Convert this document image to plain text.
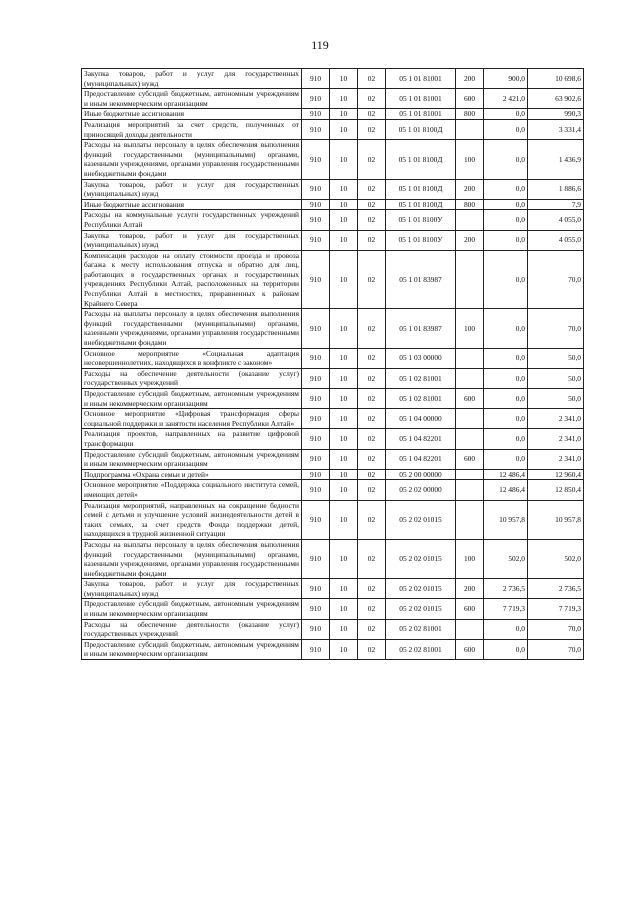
119
Закупка товаров, работ и услуг для государственных (муниципальных) нужд	910	10	02	05 1 01 81001	200	900,0	10 698,6
Предоставление субсидий бюджетным, автономным учреждениям и иным некоммерческим организациям	910	10	02	05 1 01 81001	600	2 421,0	63 902,6
Иные бюджетные ассигнования	910	10	02	05 1 01 81001	800	0,0	990,3
Реализация мероприятий за счет средств, полученных от приносящей доходы деятельности	910	10	02	05 1 01 8100Д		0,0	3 331,4
Расходы на выплаты персоналу в целях обеспечения выполнения функций государственными (муниципальными) органами, казенными учреждениями, органами управления государственными внебюджетными фондами	910	10	02	05 1 01 8100Д	100	0,0	1 436,9
Закупка товаров, работ и услуг для государственных (муниципальных) нужд	910	10	02	05 1 01 8100Д	200	0,0	1 886,6
Иные бюджетные ассигнования	910	10	02	05 1 01 8100Д	800	0,0	7,9
Расходы на коммунальные услуги государственных учреждений Республики Алтай	910	10	02	05 1 01 8100У		0,0	4 055,0
Закупка товаров, работ и услуг для государственных (муниципальных) нужд	910	10	02	05 1 01 8100У	200	0,0	4 055,0
Компенсация расходов на оплату стоимости проезда и провоза багажа к месту использования отпуска и обратно для лиц, работающих в государственных органах и государственных учреждениях Республики Алтай, расположенных на территории Республики Алтай в местностях, приравненных к районам Крайнего Севера	910	10	02	05 1 01 83987		0,0	70,0
Расходы на выплаты персоналу в целях обеспечения выполнения функций государственными (муниципальными) органами, казенными учреждениями, органами управления государственными внебюджетными фондами	910	10	02	05 1 01 83987	100	0,0	70,0
Основное мероприятие «Социальная адаптация несовершеннолетних, находящихся в конфликте с законом»	910	10	02	05 1 03 00000		0,0	50,0
Расходы на обеспечение деятельности (оказание услуг) государственных учреждений	910	10	02	05 1 02 81001		0,0	50,0
Предоставление субсидий бюджетным, автономным учреждениям и иным некоммерческим организациям	910	10	02	05 1 02 81001	600	0,0	50,0
Основное мероприятие «Цифровая трансформация сферы социальной поддержки и занятости населения Республики Алтай»	910	10	02	05 1 04 00000		0,0	2 341,0
Реализация проектов, направленных на развитие цифровой трансформации	910	10	02	05 1 04 82201		0,0	2 341,0
Предоставление субсидий бюджетным, автономным учреждениям и иным некоммерческим организациям	910	10	02	05 1 04 82201	600	0,0	2 341,0
Подпрограмма «Охрана семьи и детей»	910	10	02	05 2 00 00000		12 486,4	12 960,4
Основное мероприятие «Поддержка социального института семей, имеющих детей»	910	10	02	05 2 02 00000		12 486,4	12 850,4
Реализация мероприятий, направленных на сокращение бедности семей с детьми и улучшение условий жизнедеятельности детей в таких семьях, за счет средств Фонда поддержки детей, находящихся в трудной жизненной ситуации	910	10	02	05 2 02 01015		10 957,8	10 957,8
Расходы на выплаты персоналу в целях обеспечения выполнения функций государственными (муниципальными) органами, казенными учреждениями, органами управления государственными внебюджетными фондами	910	10	02	05 2 02 01015	100	502,0	502,0
Закупка товаров, работ и услуг для государственных (муниципальных) нужд	910	10	02	05 2 02 01015	200	2 736,5	2 736,5
Предоставление субсидий бюджетным, автономным учреждениям и иным некоммерческим организациям	910	10	02	05 2 02 01015	600	7 719,3	7 719,3
Расходы на обеспечение деятельности (оказание услуг) государственных учреждений	910	10	02	05 2 02 81001		0,0	70,0
Предоставление субсидий бюджетным, автономным учреждениям и иным некоммерческим организациям	910	10	02	05 2 02 81001	600	0,0	70,0
